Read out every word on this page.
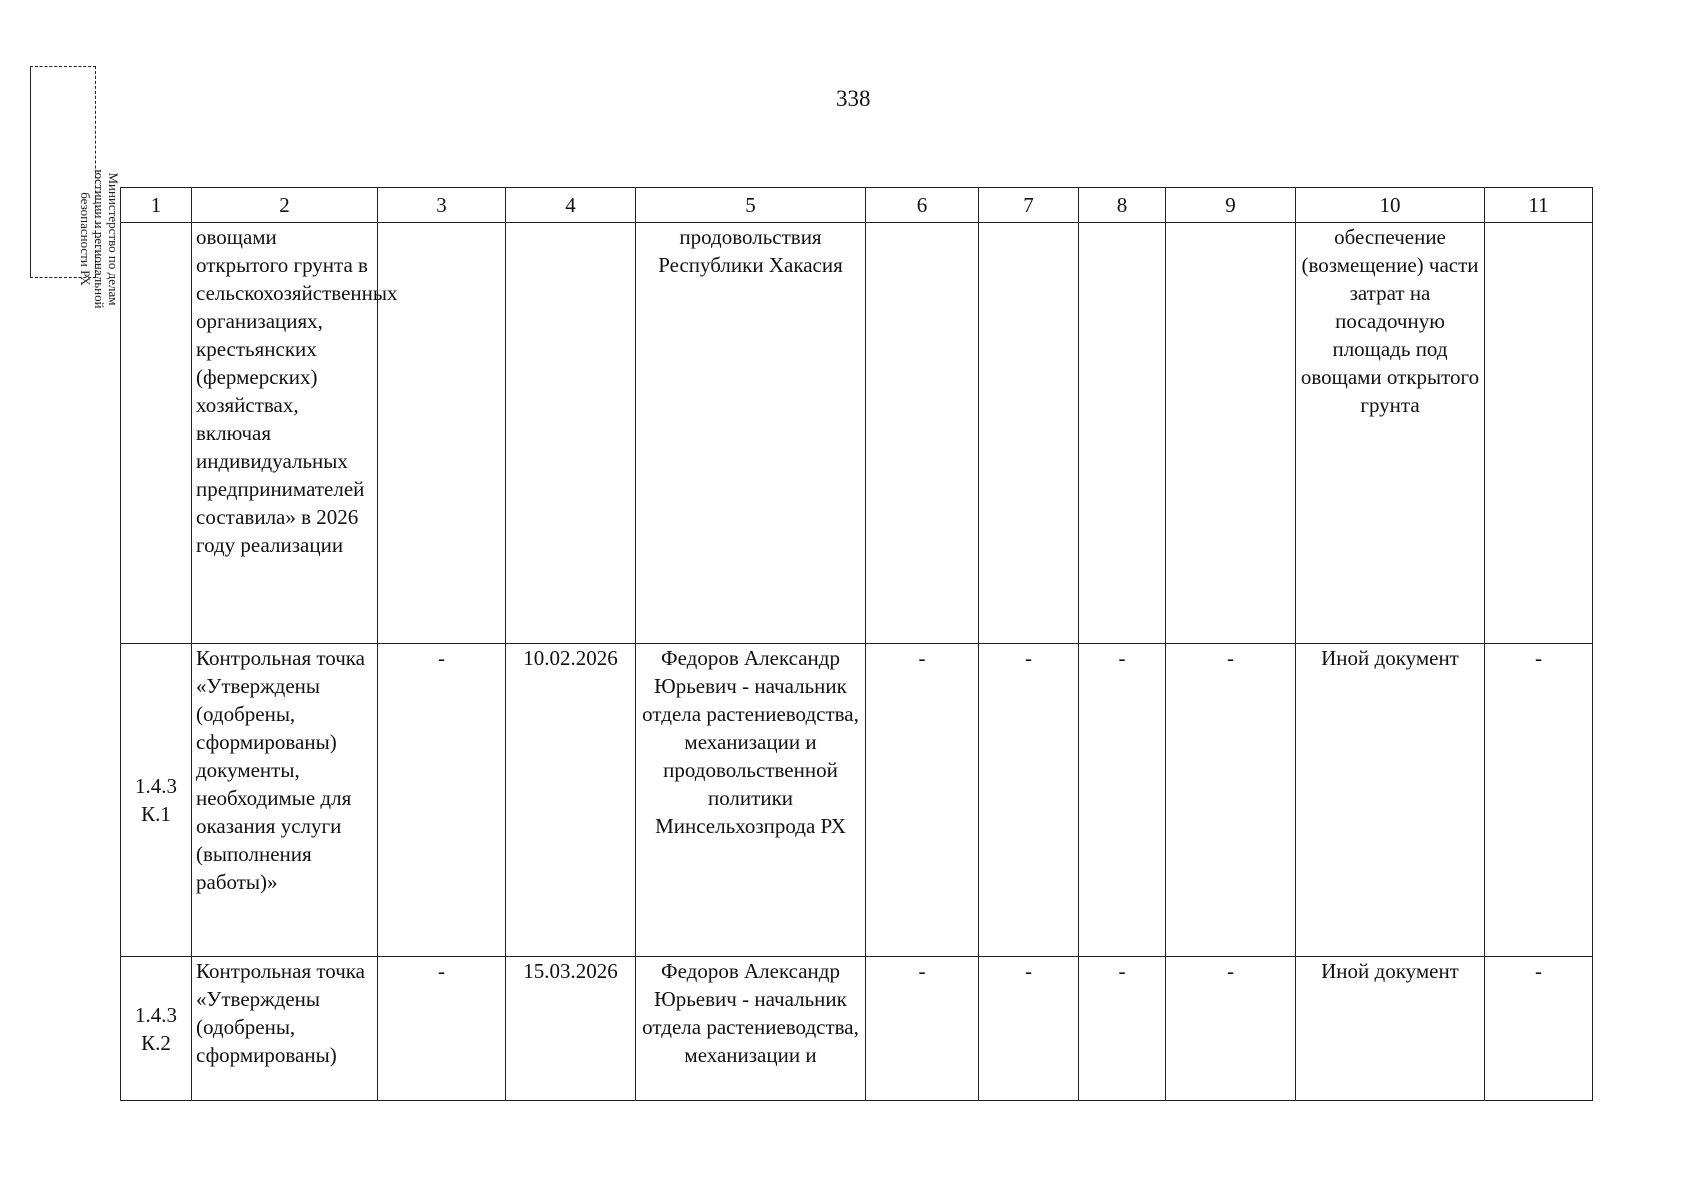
338
Министерство по делам
юстиции и региональной
безопасности РХ	1	2	3	4	5	6	7	8	9	10	11
	овощами открытого грунта в сельскохозяйственных организациях, крестьянских (фермерских) хозяйствах, включая индивидуальных предпринимателей составила» в 2026 году реализации			продовольствия Республики Хакасия					обеспечение (возмещение) части затрат на посадочную площадь под овощами открытого грунта	
1.4.3 К.1	Контрольная точка «Утверждены (одобрены, сформированы) документы, необходимые для оказания услуги (выполнения работы)»	-	10.02.2026	Федоров Александр Юрьевич - начальник отдела растениеводства, механизации и продовольственной политики Минсельхозпрода РХ	-	-	-	-	Иной документ	-
1.4.3 К.2	Контрольная точка «Утверждены (одобрены, сформированы)	-	15.03.2026	Федоров Александр Юрьевич - начальник отдела растениеводства, механизации и	-	-	-	-	Иной документ	-
